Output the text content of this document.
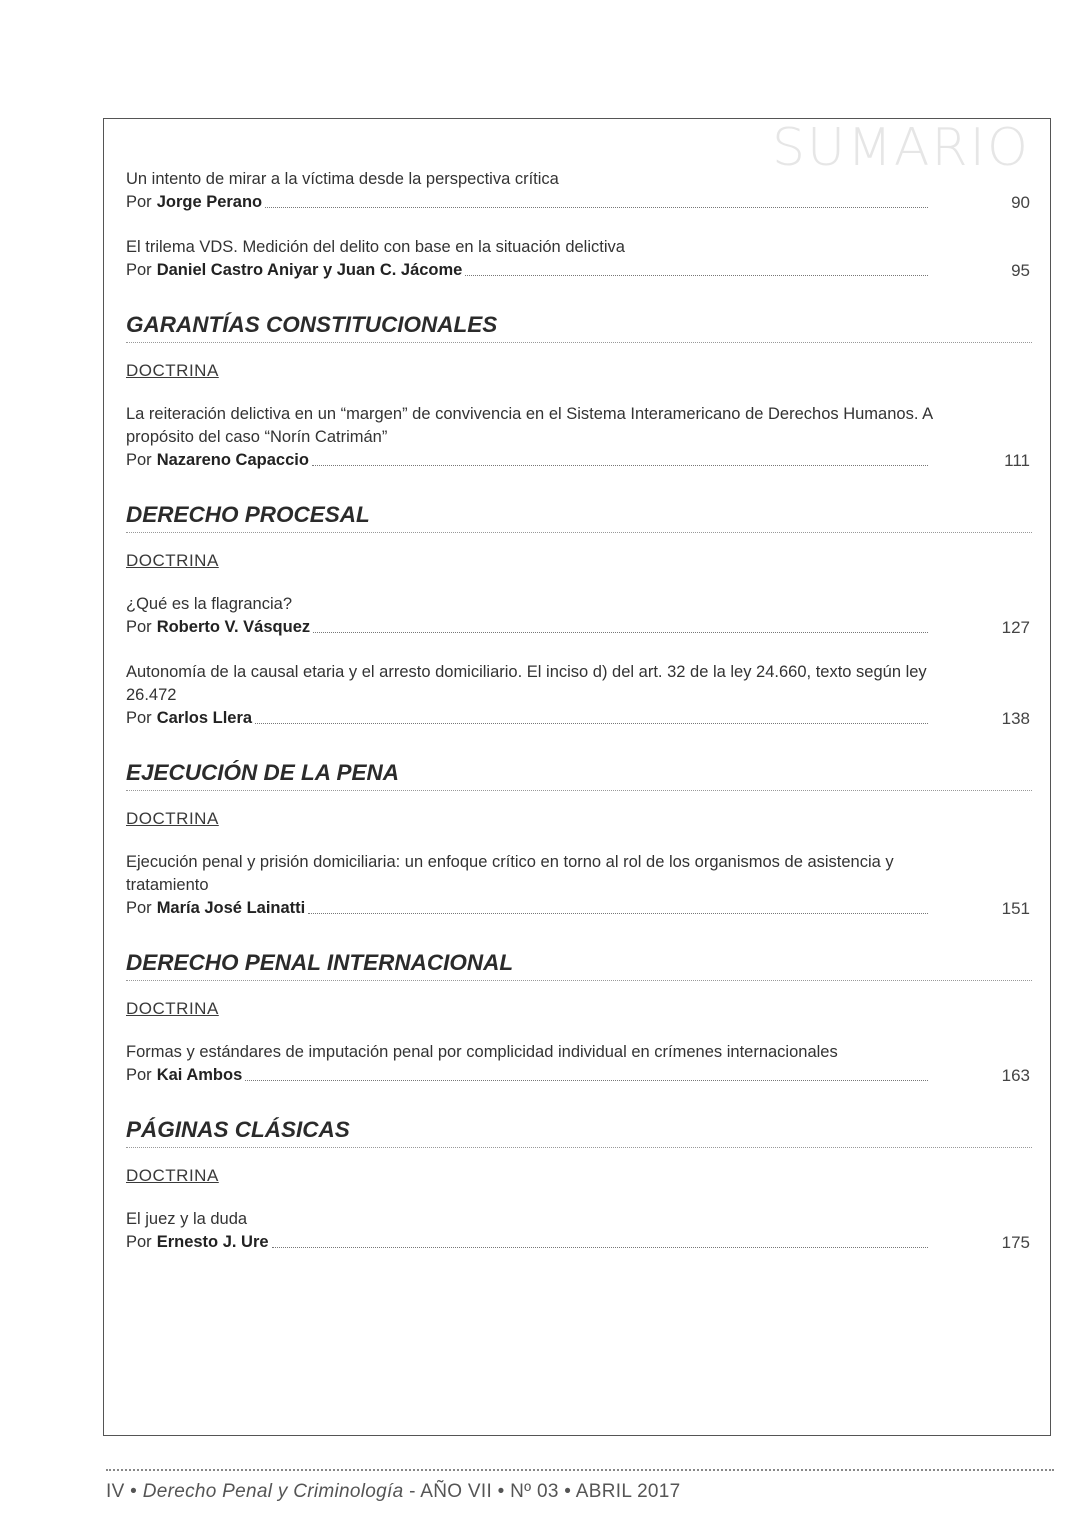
SUMARIO
Un intento de mirar a la víctima desde la perspectiva crítica
Por Jorge Perano	90
El trilema VDS. Medición del delito con base en la situación delictiva
Por Daniel Castro Aniyar y Juan C. Jácome	95
GARANTÍAS CONSTITUCIONALES
DOCTRINA
La reiteración delictiva en un “margen” de convivencia en el Sistema Interamericano de Derechos Humanos. A propósito del caso “Norín Catrimán”
Por Nazareno Capaccio	111
DERECHO PROCESAL
DOCTRINA
¿Qué es la flagrancia?
Por Roberto V. Vásquez	127
Autonomía de la causal etaria y el arresto domiciliario. El inciso d) del art. 32 de la ley 24.660, texto según ley 26.472
Por Carlos Llera	138
EJECUCIÓN DE LA PENA
DOCTRINA
Ejecución penal y prisión domiciliaria: un enfoque crítico en torno al rol de los organismos de asistencia y tratamiento
Por María José Lainatti	151
DERECHO PENAL INTERNACIONAL
DOCTRINA
Formas y estándares de imputación penal por complicidad individual en crímenes internacionales
Por Kai Ambos	163
PÁGINAS CLÁSICAS
DOCTRINA
El juez y la duda
Por Ernesto J. Ure	175
IV • Derecho Penal y Criminología - AÑO VII • Nº 03 • ABRIL 2017
